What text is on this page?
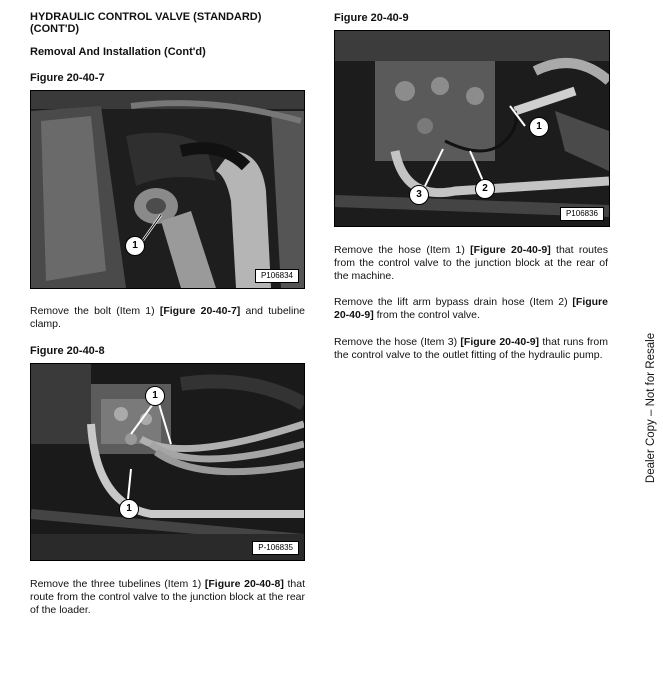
HYDRAULIC CONTROL VALVE (STANDARD)
(CONT'D)
Removal And Installation (Cont'd)
Figure 20-40-7
1
P106834
Remove the bolt (Item 1) [Figure 20-40-7] and tubeline clamp.
Figure 20-40-8
1
1
P-106835
Remove the three tubelines (Item 1) [Figure 20-40-8] that route from the control valve to the junction block at the rear of the loader.
Figure 20-40-9
1
2
3
P106836
Remove the hose (Item 1) [Figure 20-40-9] that routes from the control valve to the junction block at the rear of the machine.
Remove the lift arm bypass drain hose (Item 2) [Figure 20-40-9] from the control valve.
Remove the hose (Item 3) [Figure 20-40-9] that runs from the control valve to the outlet fitting of the hydraulic pump.	Dealer Copy – Not for Resale
